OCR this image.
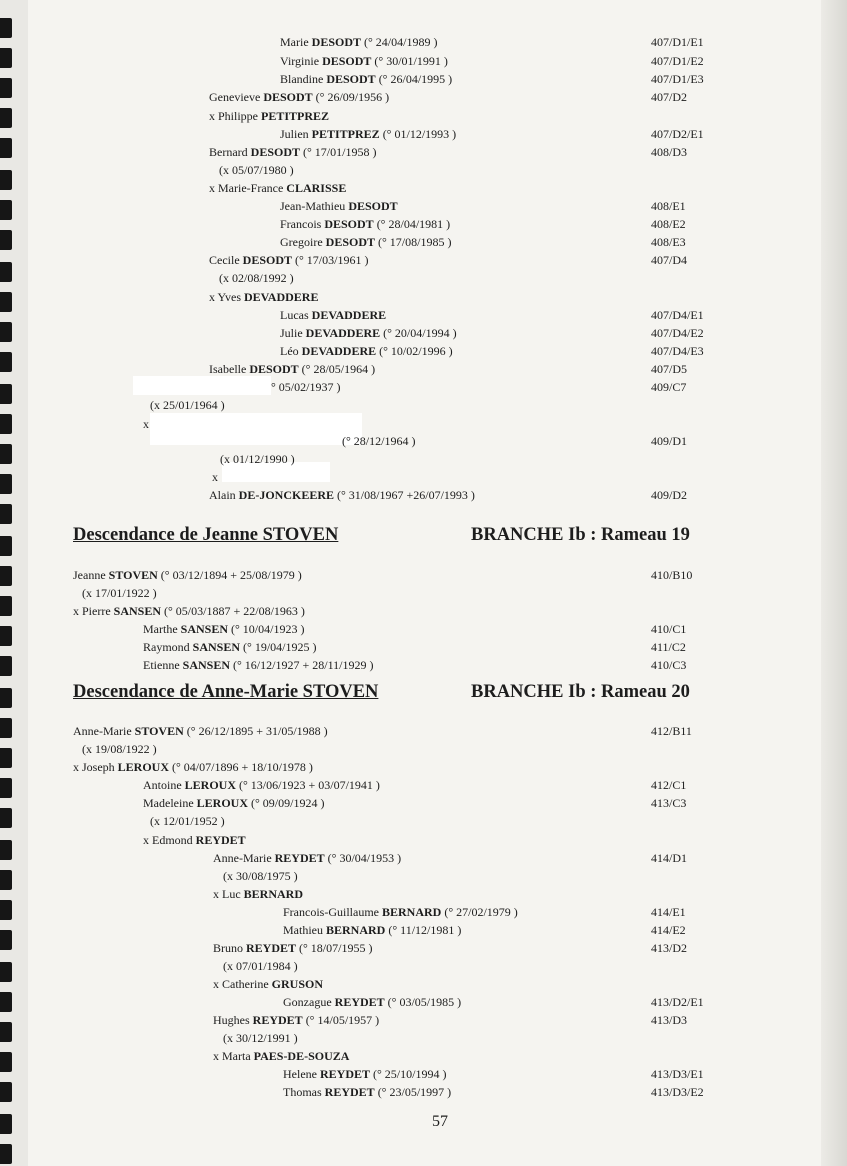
Marie DESODT (° 24/04/1989 )	407/D1/E1
Virginie DESODT (° 30/01/1991 )	407/D1/E2
Blandine DESODT (° 26/04/1995 )	407/D1/E3
Genevieve DESODT (° 26/09/1956 )	407/D2
x Philippe PETITPREZ
Julien PETITPREZ (° 01/12/1993 )	407/D2/E1
Bernard DESODT (° 17/01/1958 )	408/D3
(x 05/07/1980 )
x Marie-France CLARISSE
Jean-Mathieu DESODT	408/E1
Francois DESODT (° 28/04/1981 )	408/E2
Gregoire DESODT (° 17/08/1985 )	408/E3
Cecile DESODT (° 17/03/1961 )	407/D4
(x 02/08/1992 )
x Yves DEVADDERE
Lucas DEVADDERE	407/D4/E1
Julie DEVADDERE (° 20/04/1994 )	407/D4/E2
Léo DEVADDERE (° 10/02/1996 )	407/D4/E3
Isabelle DESODT (° 28/05/1964 )	407/D5
° 05/02/1937 )	409/C7
(x 25/01/1964 )
x
(° 28/12/1964 )	409/D1
(x 01/12/1990 )
x
Alain DE-JONCKEERE (° 31/08/1967 +26/07/1993 )	409/D2
Descendance de Jeanne STOVEN	BRANCHE Ib : Rameau 19
Jeanne STOVEN (° 03/12/1894 + 25/08/1979 )	410/B10
(x 17/01/1922 )
x Pierre SANSEN (° 05/03/1887 + 22/08/1963 )
Marthe SANSEN (° 10/04/1923 )	410/C1
Raymond SANSEN (° 19/04/1925 )	411/C2
Etienne SANSEN (° 16/12/1927 + 28/11/1929 )	410/C3
Descendance de Anne-Marie STOVEN	BRANCHE Ib : Rameau 20
Anne-Marie STOVEN (° 26/12/1895 + 31/05/1988 )	412/B11
(x 19/08/1922 )
x Joseph LEROUX (° 04/07/1896 + 18/10/1978 )
Antoine LEROUX (° 13/06/1923 + 03/07/1941 )	412/C1
Madeleine LEROUX (° 09/09/1924 )	413/C3
(x 12/01/1952 )
x Edmond REYDET
Anne-Marie REYDET (° 30/04/1953 )	414/D1
(x 30/08/1975 )
x Luc BERNARD
Francois-Guillaume BERNARD (° 27/02/1979 )	414/E1
Mathieu BERNARD (° 11/12/1981 )	414/E2
Bruno REYDET (° 18/07/1955 )	413/D2
(x 07/01/1984 )
x Catherine GRUSON
Gonzague REYDET (° 03/05/1985 )	413/D2/E1
Hughes REYDET (° 14/05/1957 )	413/D3
(x 30/12/1991 )
x Marta PAES-DE-SOUZA
Helene REYDET (° 25/10/1994 )	413/D3/E1
Thomas REYDET (° 23/05/1997 )	413/D3/E2
57
